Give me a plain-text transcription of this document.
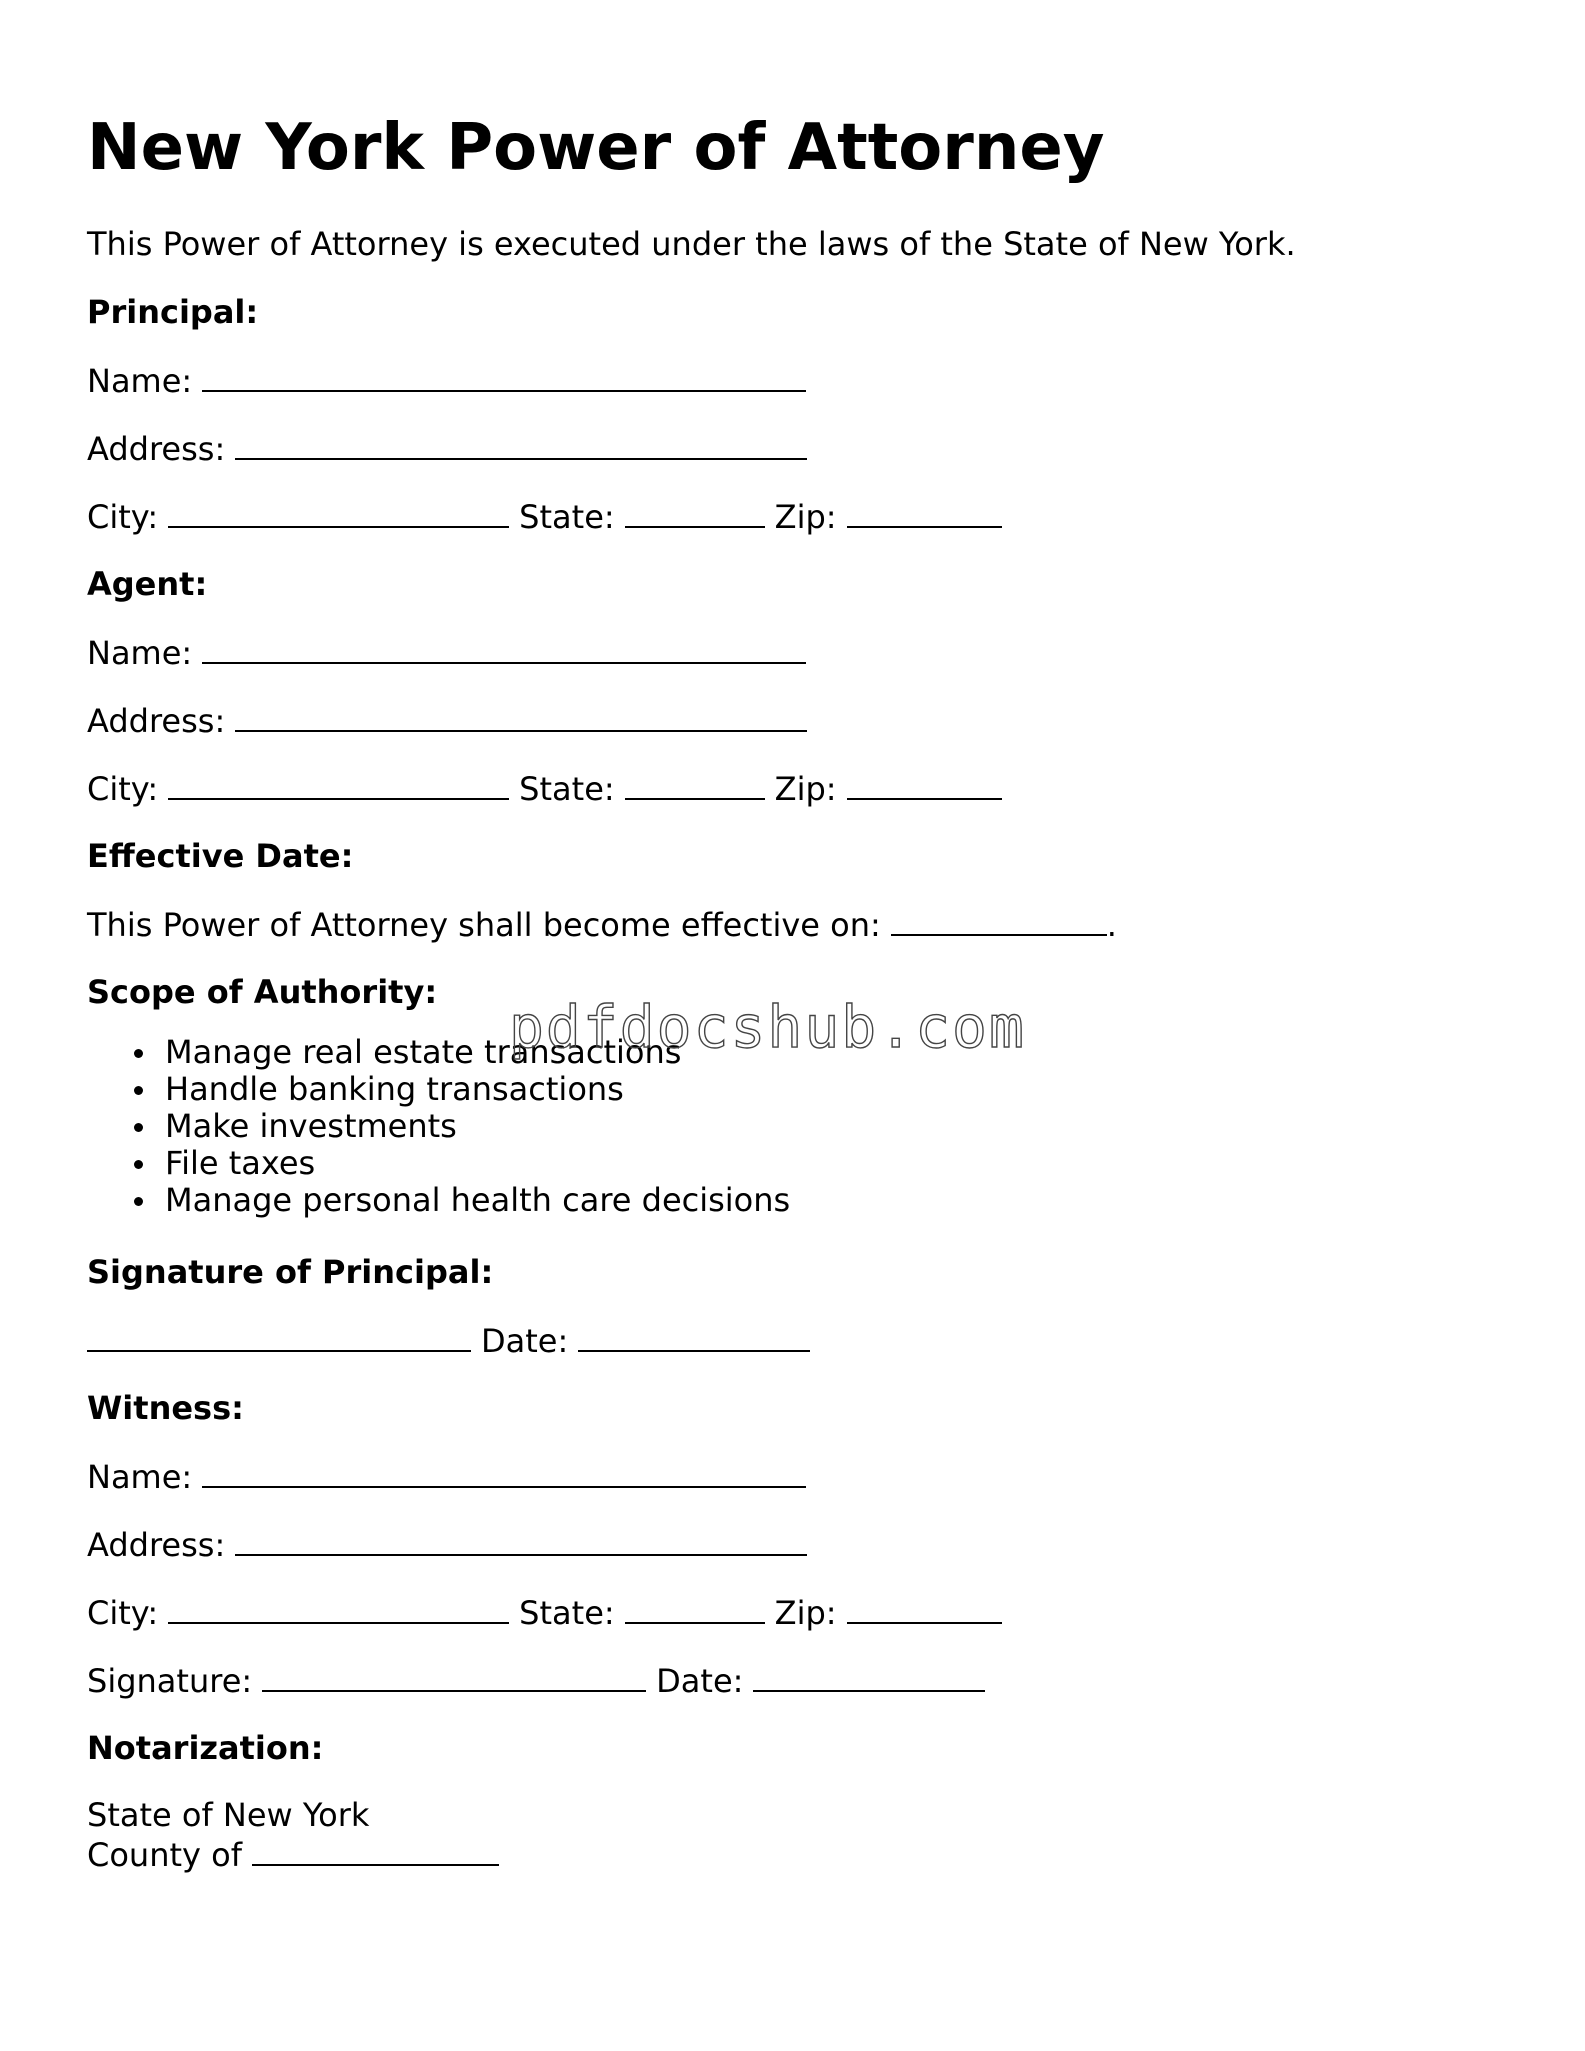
New York Power of Attorney
This Power of Attorney is executed under the laws of the State of New York.
Principal:
Name:
Address:
City:	State:	Zip:
Agent:
Name:
Address:
City:	State:	Zip:
Effective Date:
This Power of Attorney shall become effective on:	.
Scope of Authority:
Manage real estate transactions
Handle banking transactions
Make investments
File taxes
Manage personal health care decisions
Signature of Principal:
Date:
Witness:
Name:
Address:
City:	State:	Zip:
Signature:	Date:
Notarization:
State of New York
County of
pdfdocshub.com
